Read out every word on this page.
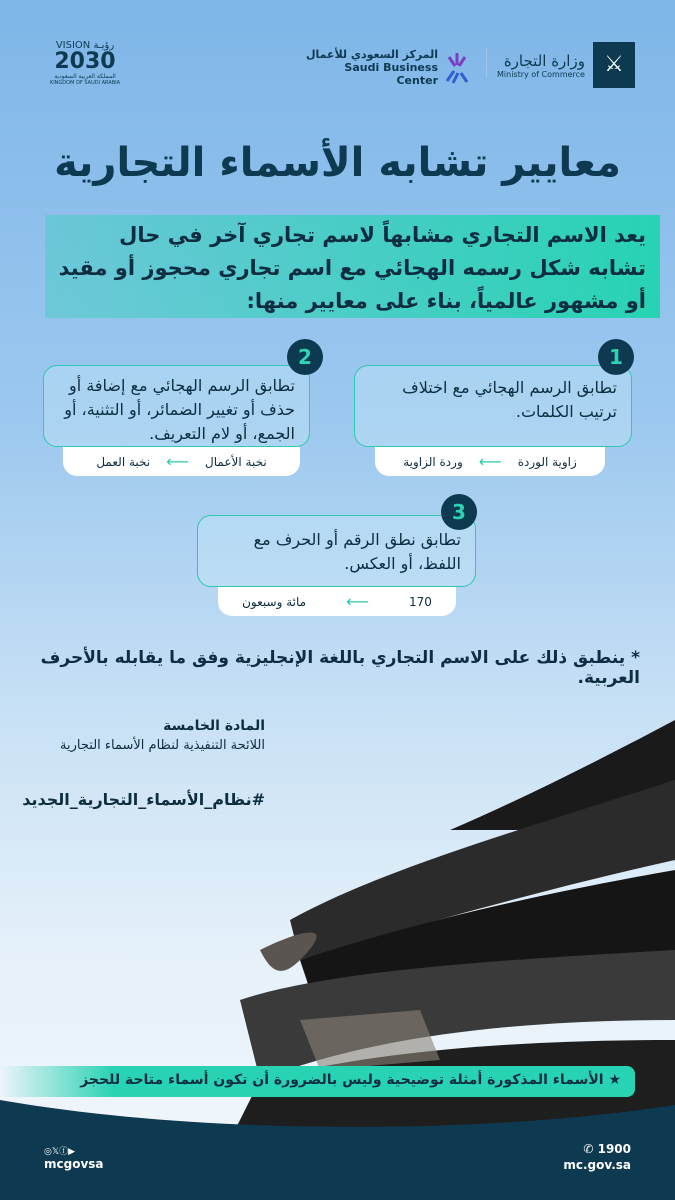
VISION رؤيـة
2030
المملكة العربية السعودية
KINGDOM OF SAUDI ARABIA
المركز السعودي للأعمال
Saudi Business Center
وزارة التجارة
Ministry of Commerce ⚔
معايير تشابه الأسماء التجارية
يعد الاسم التجاري مشابهاً لاسم تجاري آخر في حال تشابه شكل رسمه الهجائي مع اسم تجاري محجوز أو مقيد أو مشهور عالمياً، بناء على معايير منها:
تطابق الرسم الهجائي مع اختلاف ترتيب الكلمات.
1
زاوية الوردة
⟵
وردة الزاوية
تطابق الرسم الهجائي مع إضافة أو حذف أو تغيير الضمائر، أو التثنية، أو الجمع، أو لام التعريف.
2
نخبة الأعمال
⟵
نخبة العمل
تطابق نطق الرقم أو الحرف مع اللفظ، أو العكس.
3
170
⟵
مائة وسبعون
* ينطبق ذلك على الاسم التجاري باللغة الإنجليزية وفق ما يقابله بالأحرف العربية.
المادة الخامسة
اللائحة التنفيذية لنظام الأسماء التجارية
#نظام_الأسماء_التجارية_الجديد
★ الأسماء المذكورة أمثلة توضيحية وليس بالضرورة أن تكون أسماء متاحة للحجز
◎𝕏ⓕ▶
mcgovsa
✆ 1900
mc.gov.sa
